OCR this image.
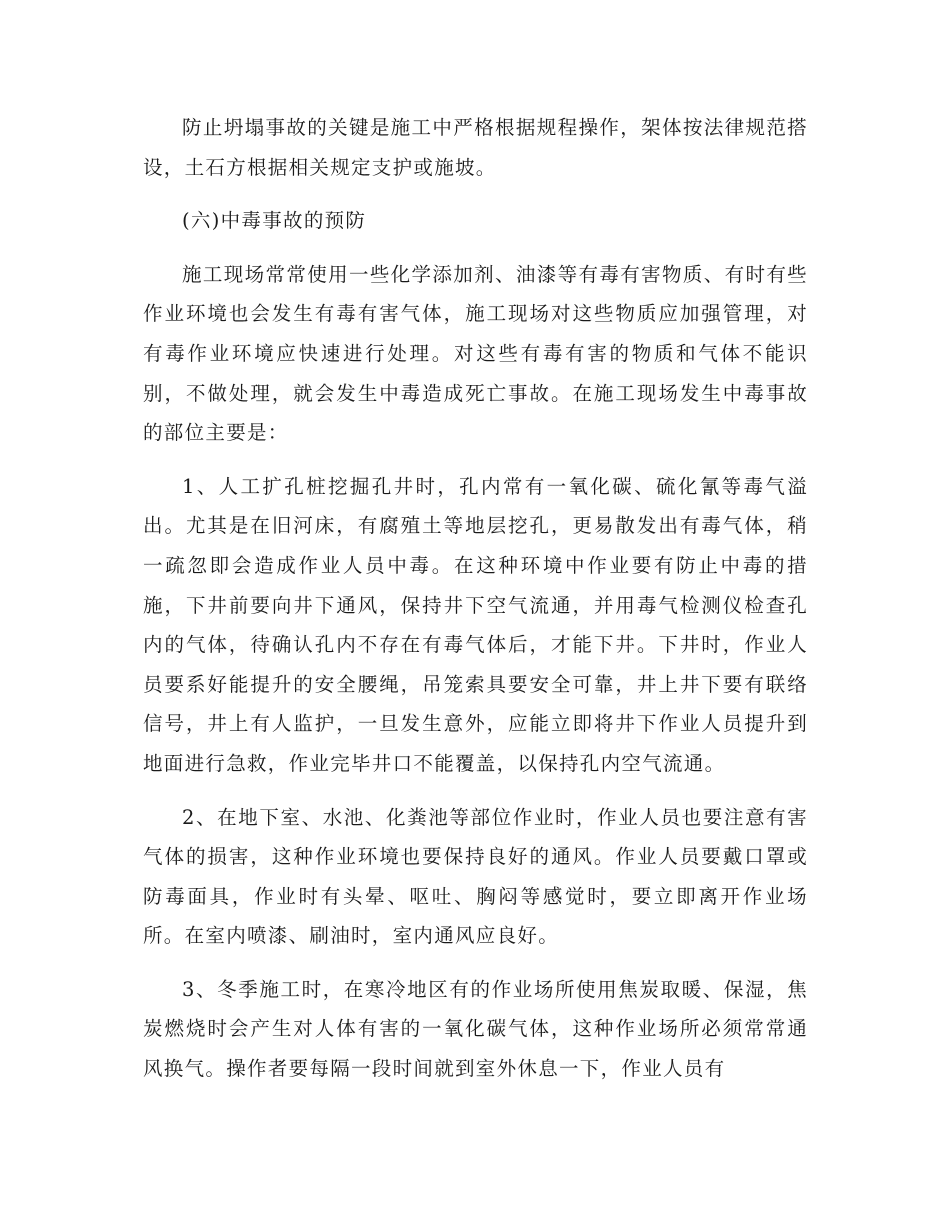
防止坍塌事故的关键是施工中严格根据规程操作，架体按法律规范搭设，土石方根据相关规定支护或施坡。

(六)中毒事故的预防

施工现场常常使用一些化学添加剂、油漆等有毒有害物质、有时有些作业环境也会发生有毒有害气体，施工现场对这些物质应加强管理，对有毒作业环境应快速进行处理。对这些有毒有害的物质和气体不能识别，不做处理，就会发生中毒造成死亡事故。在施工现场发生中毒事故的部位主要是：

1、人工扩孔桩挖掘孔井时，孔内常有一氧化碳、硫化氰等毒气溢出。尤其是在旧河床，有腐殖土等地层挖孔，更易散发出有毒气体，稍一疏忽即会造成作业人员中毒。在这种环境中作业要有防止中毒的措施，下井前要向井下通风，保持井下空气流通，并用毒气检测仪检查孔内的气体，待确认孔内不存在有毒气体后，才能下井。下井时，作业人员要系好能提升的安全腰绳，吊笼索具要安全可靠，井上井下要有联络信号，井上有人监护，一旦发生意外，应能立即将井下作业人员提升到地面进行急救，作业完毕井口不能覆盖，以保持孔内空气流通。

2、在地下室、水池、化粪池等部位作业时，作业人员也要注意有害气体的损害，这种作业环境也要保持良好的通风。作业人员要戴口罩或防毒面具，作业时有头晕、呕吐、胸闷等感觉时，要立即离开作业场所。在室内喷漆、刷油时，室内通风应良好。

3、冬季施工时，在寒冷地区有的作业场所使用焦炭取暖、保湿，焦炭燃烧时会产生对人体有害的一氧化碳气体，这种作业场所必须常常通风换气。操作者要每隔一段时间就到室外休息一下，作业人员有
